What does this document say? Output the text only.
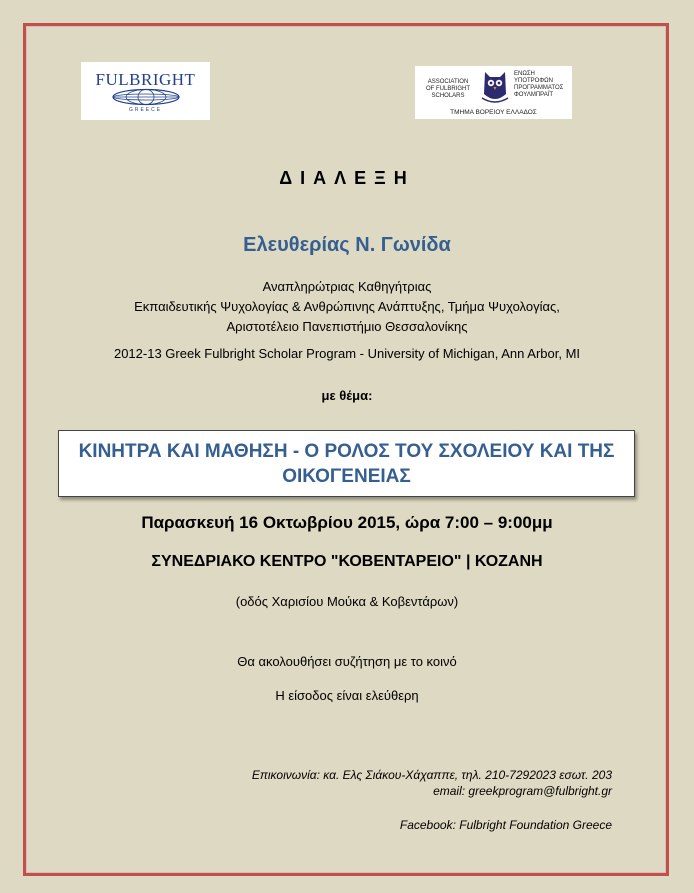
FULBRIGHT
GREECE
ASSOCIATION
OF FULBRIGHT
SCHOLARS
ΕΝΩΣΗ
ΥΠΟΤΡΟΦΩΝ
ΠΡΟΓΡΑΜΜΑΤΟΣ
ΦΟΥΛΜΠΡΑΪΤ
ΤΜΗΜΑ ΒΟΡΕΙΟΥ ΕΛΛΑΔΟΣ
ΔΙΑΛΕΞΗ
Ελευθερίας Ν. Γωνίδα
Αναπληρώτριας Καθηγήτριας
Εκπαιδευτικής Ψυχολογίας & Ανθρώπινης Ανάπτυξης, Τμήμα Ψυχολογίας,
Αριστοτέλειο Πανεπιστήμιο Θεσσαλονίκης
2012-13 Greek Fulbright Scholar Program - University of Michigan, Ann Arbor, MI
με θέμα:
ΚΙΝΗΤΡΑ ΚΑΙ ΜΑΘΗΣΗ - Ο ΡΟΛΟΣ ΤΟΥ ΣΧΟΛΕΙΟΥ ΚΑΙ ΤΗΣ ΟΙΚΟΓΕΝΕΙΑΣ
Παρασκευή 16 Οκτωβρίου 2015, ώρα 7:00 – 9:00μμ
ΣΥΝΕΔΡΙΑΚΟ ΚΕΝΤΡΟ "ΚΟΒΕΝΤΑΡΕΙΟ" | ΚΟΖΑΝΗ
(οδός Χαρισίου Μούκα & Κοβεντάρων)
Θα ακολουθήσει συζήτηση με το κοινό
Η είσοδος είναι ελεύθερη
Επικοινωνία: κα. Ελς Σιάκου-Χάχαππε, τηλ. 210-7292023 εσωτ. 203
email: greekprogram@fulbright.gr
Facebook: Fulbright Foundation Greece
